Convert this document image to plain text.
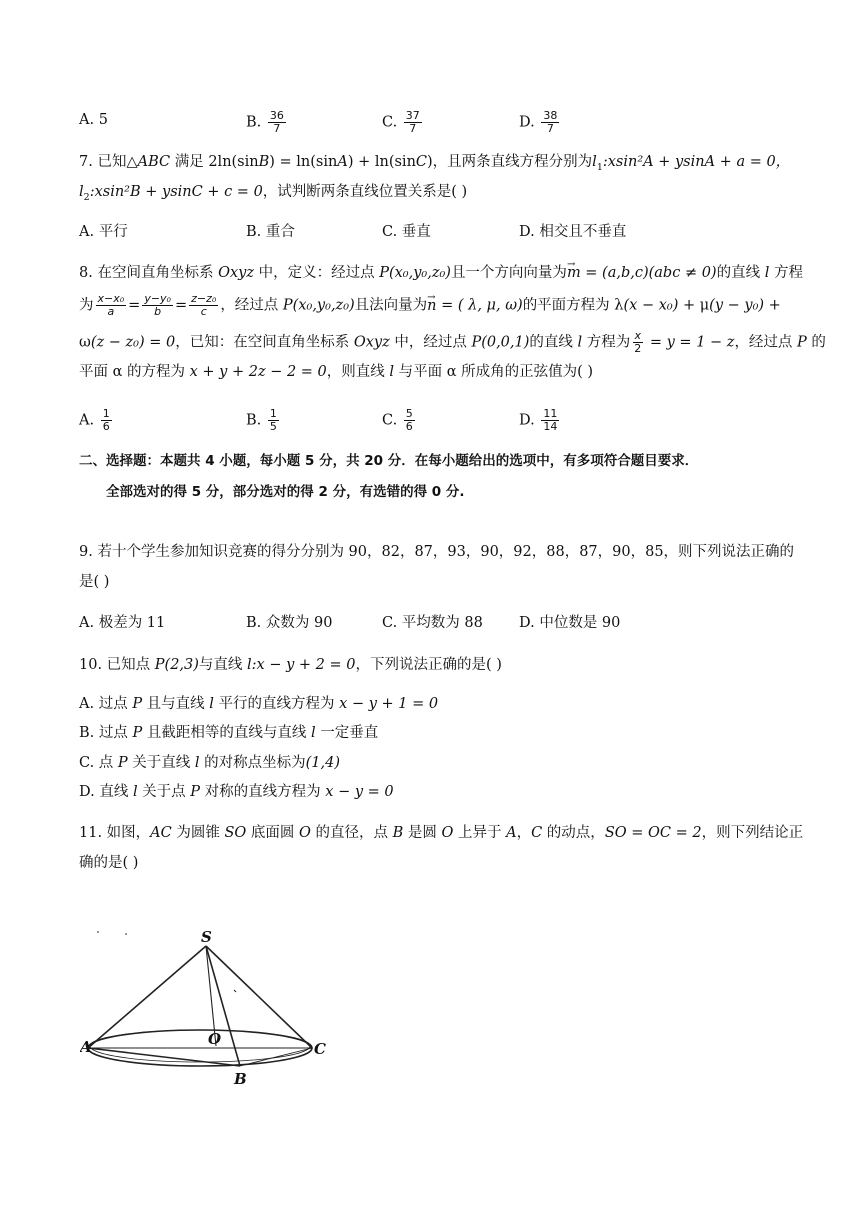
A. 5	B. $\frac{36}{7}$	C. $\frac{37}{7}$	D. $\frac{38}{7}$
7. 已知△ABC 满足 2ln(sinB) = ln(sinA) + ln(sinC)，且两条直线方程分别为$l_1:xsin^2A + ysinA + a = 0$，
$l_2:xsin^2B + ysinC + c = 0$，试判断两条直线位置关系是( )
A. 平行	B. 重合	C. 垂直	D. 相交且不垂直
8. 在空间直角坐标系 Oxyz 中，定义：经过点 P(x₀,y₀,z₀)且一个方向向量为→ m = (a,b,c)(abc ≠ 0)的直线 l 方程
为 $\frac{\text{x−x₀}}{a} = \frac{\text{y−y₀}}{b} = \frac{\text{z−z₀}}{c}$ ，经过点 P(x₀,y₀,z₀)且法向量为→ n = ( λ, μ, ω)的平面方程为 λ(x − x₀) + μ(y − y₀) +
ω(z − z₀) = 0，已知：在空间直角坐标系 Oxyz 中，经过点 P(0,0,1)的直线 l 方程为 $\frac{x}{2} = y = 1 - z$，经过点 P 的
平面 α 的方程为 x + y + 2z − 2 = 0，则直线 l 与平面 α 所成角的正弦值为( )
A. $\frac{1}{6}$	B. $\frac{1}{5}$	C. $\frac{5}{6}$	D. $\frac{11}{14}$
二、选择题：本题共 4 小题，每小题 5 分，共 20 分．在每小题给出的选项中，有多项符合题目要求．
全部选对的得 5 分，部分选对的得 2 分，有选错的得 0 分.
9. 若十个学生参加知识竞赛的得分分别为 90，82，87，93，90，92，88，87，90，85，则下列说法正确的
是( )
A. 极差为 11	B. 众数为 90	C. 平均数为 88 D. 中位数是 90
10. 已知点 P(2,3)与直线 l:x − y + 2 = 0，下列说法正确的是( )
A. 过点 P 且与直线 l 平行的直线方程为 x − y + 1 = 0
B. 过点 P 且截距相等的直线与直线 l 一定垂直
C. 点 P 关于直线 l 的对称点坐标为(1,4)
D. 直线 l 关于点 P 对称的直线方程为 x − y = 0
11. 如图，AC 为圆锥 SO 底面圆 O 的直径，点 B 是圆 O 上异于 A，C 的动点，SO = OC = 2，则下列结论正
确的是( )
S
A	O
C
B
